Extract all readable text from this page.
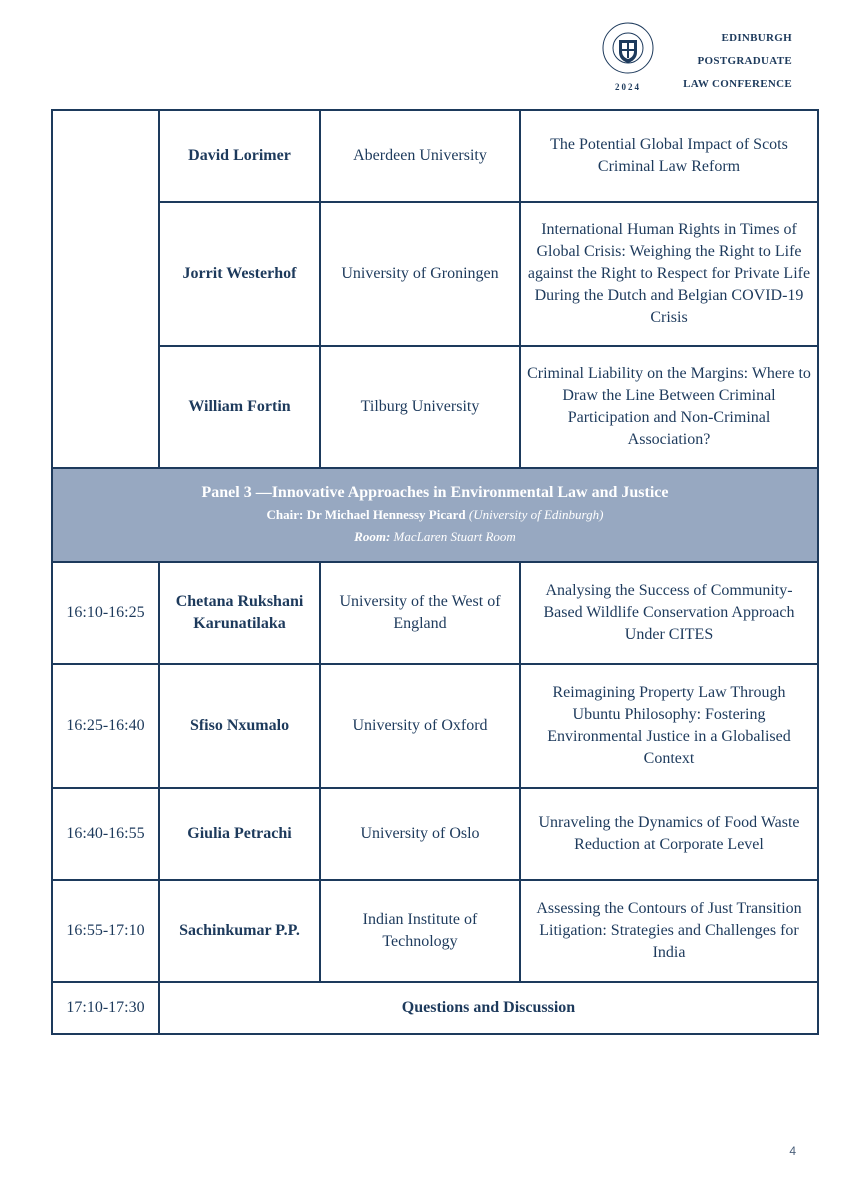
2024
EDINBURGH
POSTGRADUATE
LAW CONFERENCE
	David Lorimer	Aberdeen University	The Potential Global Impact of Scots Criminal Law Reform
	Jorrit Westerhof	University of Groningen	International Human Rights in Times of Global Crisis: Weighing the Right to Life against the Right to Respect for Private Life During the Dutch and Belgian COVID-19 Crisis
	William Fortin	Tilburg University	Criminal Liability on the Margins: Where to Draw the Line Between Criminal Participation and Non-Criminal Association?

Panel 3 —Innovative Approaches in Environmental Law and Justice
Chair: Dr Michael Hennessy Picard (University of Edinburgh)
Room: MacLaren Stuart Room			

16:10-16:25	Chetana Rukshani Karunatilaka	University of the West of England	Analysing the Success of Community-Based Wildlife Conservation Approach Under CITES
16:25-16:40	Sfiso Nxumalo	University of Oxford	Reimagining Property Law Through Ubuntu Philosophy: Fostering Environmental Justice in a Globalised Context
16:40-16:55	Giulia Petrachi	University of Oslo	Unraveling the Dynamics of Food Waste Reduction at Corporate Level
16:55-17:10	Sachinkumar P.P.	Indian Institute of Technology	Assessing the Contours of Just Transition Litigation: Strategies and Challenges for India
17:10-17:30	Questions and Discussion		
4
